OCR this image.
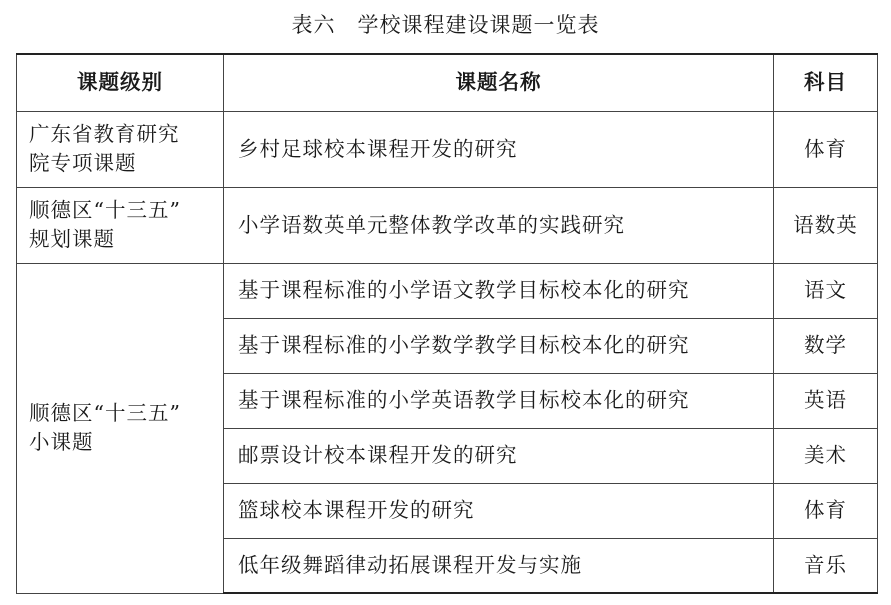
表六 学校课程建设课题一览表
课题级别	课题名称	科目
广东省教育研究
院专项课题	乡村足球校本课程开发的研究	体育
顺德区“十三五”
规划课题	小学语数英单元整体教学改革的实践研究	语数英
顺德区“十三五”
小课题	基于课程标准的小学语文教学目标校本化的研究	语文
	基于课程标准的小学数学教学目标校本化的研究	数学
	基于课程标准的小学英语教学目标校本化的研究	英语
	邮票设计校本课程开发的研究	美术
	篮球校本课程开发的研究	体育
	低年级舞蹈律动拓展课程开发与实施	音乐
